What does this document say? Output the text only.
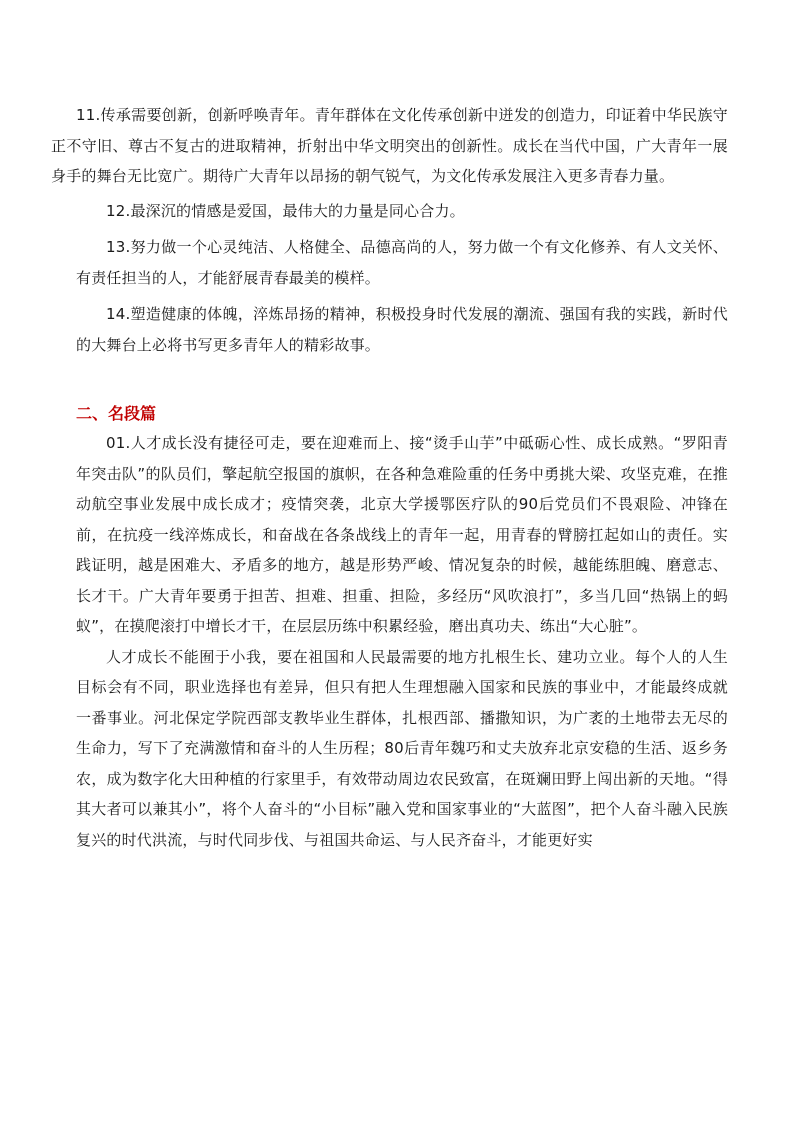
11.传承需要创新，创新呼唤青年。青年群体在文化传承创新中迸发的创造力，印证着中华民族守正不守旧、尊古不复古的进取精神，折射出中华文明突出的创新性。成长在当代中国，广大青年一展身手的舞台无比宽广。期待广大青年以昂扬的朝气锐气，为文化传承发展注入更多青春力量。

12.最深沉的情感是爱国，最伟大的力量是同心合力。

13.努力做一个心灵纯洁、人格健全、品德高尚的人，努力做一个有文化修养、有人文关怀、有责任担当的人，才能舒展青春最美的模样。

14.塑造健康的体魄，淬炼昂扬的精神，积极投身时代发展的潮流、强国有我的实践，新时代的大舞台上必将书写更多青年人的精彩故事。

二、名段篇

01.人才成长没有捷径可走，要在迎难而上、接“烫手山芋”中砥砺心性、成长成熟。“罗阳青年突击队”的队员们，擎起航空报国的旗帜，在各种急难险重的任务中勇挑大梁、攻坚克难，在推动航空事业发展中成长成才；疫情突袭，北京大学援鄂医疗队的90后党员们不畏艰险、冲锋在前，在抗疫一线淬炼成长，和奋战在各条战线上的青年一起，用青春的臂膀扛起如山的责任。实践证明，越是困难大、矛盾多的地方，越是形势严峻、情况复杂的时候，越能练胆魄、磨意志、长才干。广大青年要勇于担苦、担难、担重、担险，多经历“风吹浪打”，多当几回“热锅上的蚂蚁”，在摸爬滚打中增长才干，在层层历练中积累经验，磨出真功夫、练出“大心脏”。

人才成长不能囿于小我，要在祖国和人民最需要的地方扎根生长、建功立业。每个人的人生目标会有不同，职业选择也有差异，但只有把人生理想融入国家和民族的事业中，才能最终成就一番事业。河北保定学院西部支教毕业生群体，扎根西部、播撒知识，为广袤的土地带去无尽的生命力，写下了充满激情和奋斗的人生历程；80后青年魏巧和丈夫放弃北京安稳的生活、返乡务农，成为数字化大田种植的行家里手，有效带动周边农民致富，在斑斓田野上闯出新的天地。“得其大者可以兼其小”，将个人奋斗的“小目标”融入党和国家事业的“大蓝图”，把个人奋斗融入民族复兴的时代洪流，与时代同步伐、与祖国共命运、与人民齐奋斗，才能更好实
